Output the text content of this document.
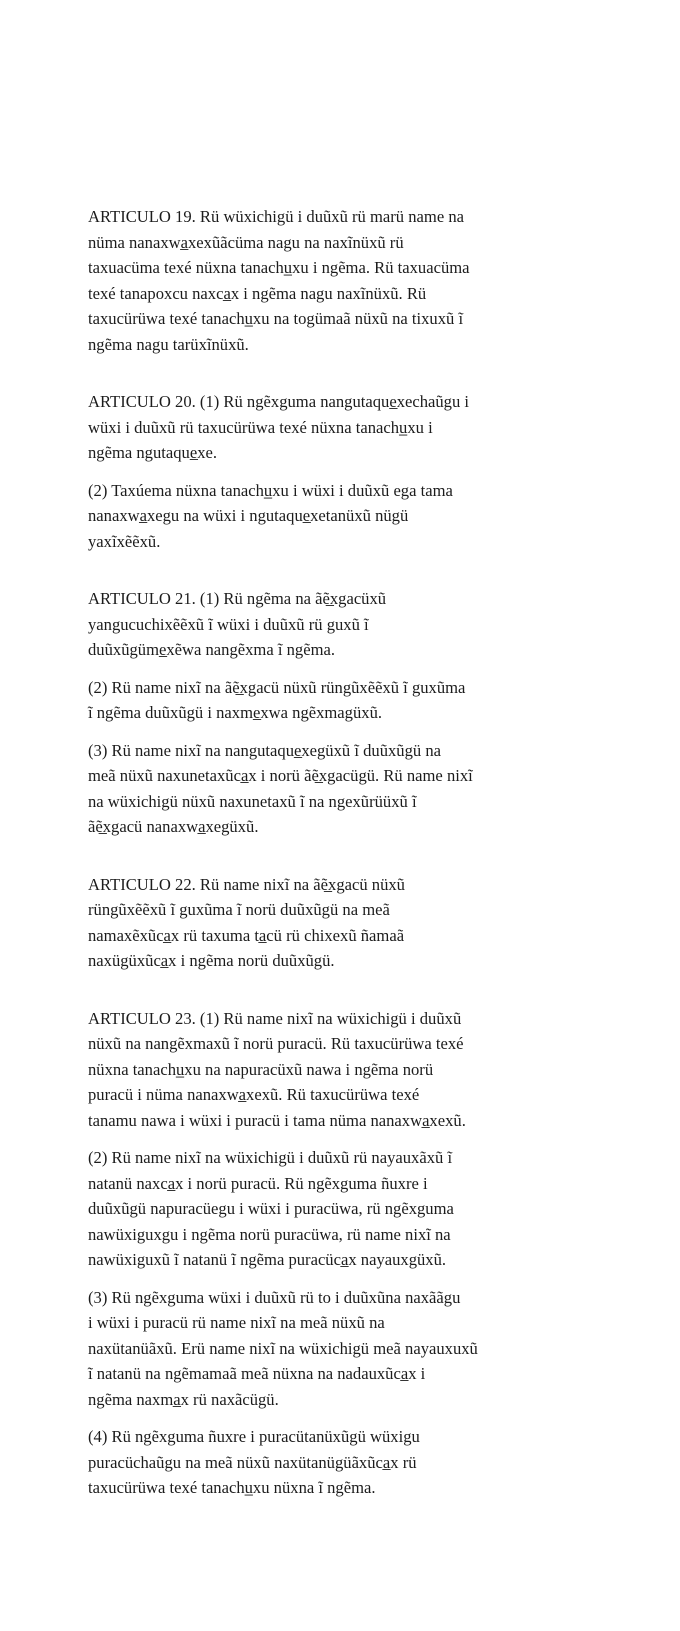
ARTICULO 19. Rü wüxichigü i duũxũ rü marü name na
nüma nanaxwa̲xexũãcüma nagu na naxĩnüxũ rü
taxuacüma texé nüxna tanachu̲xu i ngẽma. Rü taxuacüma
texé tanapoxcu naxca̲x i ngẽma nagu naxĩnüxũ. Rü
taxucürüwa texé tanachu̲xu na togümaã nüxũ na tixuxũ ĩ
ngẽma nagu tarüxĩnüxũ.
ARTICULO 20. (1) Rü ngẽxguma nangutaque̲xechaũgu i
wüxi i duũxũ rü taxucürüwa texé nüxna tanachu̲xu i
ngẽma ngutaque̲xe.
(2) Taxúema nüxna tanachu̲xu i wüxi i duũxũ ega tama
nanaxwa̲xegu na wüxi i ngutaque̲xetanüxũ nügü
yaxĩxẽẽxũ.
ARTICULO 21. (1) Rü ngẽma na ãẽ̲xgacüxũ
yangucuchixẽẽxũ ĩ wüxi i duũxũ rü guxũ ĩ
duũxũgüme̲xẽwa nangẽxma ĩ ngẽma.
(2) Rü name nixĩ na ãẽ̲xgacü nüxũ rüngũxẽẽxũ ĩ guxũma
ĩ ngẽma duũxũgü i naxme̲xwa ngẽxmagüxũ.
(3) Rü name nixĩ na nangutaque̲xegüxũ ĩ duũxũgü na
meã nüxũ naxunetaxũca̲x i norü ãẽ̲xgacügü. Rü name nixĩ
na wüxichigü nüxũ naxunetaxũ ĩ na ngexũrüüxũ ĩ
ãẽ̲xgacü nanaxwa̲xegüxũ.
ARTICULO 22. Rü name nixĩ na ãẽ̲xgacü nüxũ
rüngũxẽẽxũ ĩ guxũma ĩ norü duũxũgü na meã
namaxẽxũca̲x rü taxuma ta̲cü rü chixexũ ñamaã
naxügüxũca̲x i ngẽma norü duũxũgü.
ARTICULO 23. (1) Rü name nixĩ na wüxichigü i duũxũ
nüxũ na nangẽxmaxũ ĩ norü puracü. Rü taxucürüwa texé
nüxna tanachu̲xu na napuracüxũ nawa i ngẽma norü
puracü i nüma nanaxwa̲xexũ. Rü taxucürüwa texé
tanamu nawa i wüxi i puracü i tama nüma nanaxwa̲xexũ.
(2) Rü name nixĩ na wüxichigü i duũxũ rü nayauxãxũ ĩ
natanü naxca̲x i norü puracü. Rü ngẽxguma ñuxre i
duũxũgü napuracüegu i wüxi i puracüwa, rü ngẽxguma
nawüxiguxgu i ngẽma norü puracüwa, rü name nixĩ na
nawüxiguxũ ĩ natanü ĩ ngẽma puracüca̲x nayauxgüxũ.
(3) Rü ngẽxguma wüxi i duũxũ rü to i duũxũna naxããgu
i wüxi i puracü rü name nixĩ na meã nüxũ na
naxütanüãxũ. Erü name nixĩ na wüxichigü meã nayauxuxũ
ĩ natanü na ngẽmamaã meã nüxna na nadauxũca̲x i
ngẽma naxma̲x rü naxãcügü.
(4) Rü ngẽxguma ñuxre i puracütanüxũgü wüxigu
puracüchaũgu na meã nüxũ naxütanügüãxũca̲x rü
taxucürüwa texé tanachu̲xu nüxna ĩ ngẽma.
